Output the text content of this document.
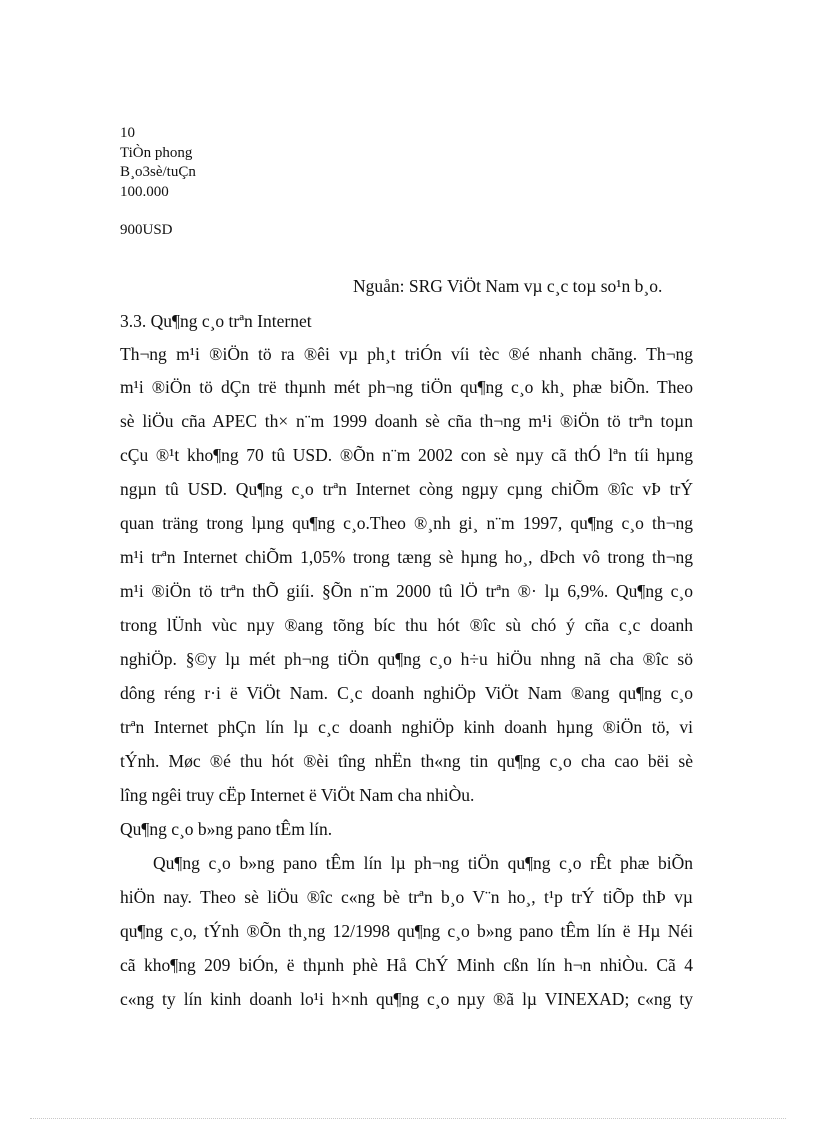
10
TiÒn phong
B¸o3sè/tuÇn
100.000
900USD
Nguån: SRG ViÖt Nam vµ c¸c toµ so¹n b¸o.
3.3. Qu¶ng c¸o trªn Internet
Th¬ng m¹i ®iÖn tö ra ®êi vµ ph¸t triÓn víi tèc ®é nhanh chãng. Th¬ng
m¹i ®iÖn tö dÇn trë thµnh mét ph¬ng tiÖn qu¶ng c¸o kh¸ phæ biÕn. Theo
sè liÖu cña APEC th× n¨m 1999 doanh sè cña th¬ng m¹i ®iÖn tö trªn toµn
cÇu ®¹t kho¶ng 70 tû USD. ®Õn n¨m 2002 con sè nµy cã thÓ lªn tíi hµng
ngµn tû USD. Qu¶ng c¸o trªn Internet còng ngµy cµng chiÕm ®îc vÞ trÝ
quan träng trong lµng qu¶ng c¸o.Theo ®¸nh gi¸ n¨m 1997, qu¶ng c¸o th¬ng
m¹i trªn Internet chiÕm 1,05% trong tæng sè hµng ho¸, dÞch vô trong th¬ng
m¹i ®iÖn tö trªn thÕ giíi. §Õn n¨m 2000 tû lÖ trªn ®· lµ 6,9%. Qu¶ng c¸o
trong lÜnh vùc nµy ®ang tõng bíc thu hót ®îc sù chó ý cña c¸c doanh
nghiÖp. §©y lµ mét ph¬ng tiÖn qu¶ng c¸o h÷u hiÖu nhng nã cha ®îc sö
dông réng r·i ë ViÖt Nam. C¸c doanh nghiÖp ViÖt Nam ®ang qu¶ng c¸o
trªn Internet phÇn lín lµ c¸c doanh nghiÖp kinh doanh hµng ®iÖn tö, vi
tÝnh. Møc ®é thu hót ®èi tîng nhËn th«ng tin qu¶ng c¸o cha cao bëi sè
lîng ngêi truy cËp Internet ë ViÖt Nam cha nhiÒu.
Qu¶ng c¸o b»ng pano tÊm lín.
Qu¶ng c¸o b»ng pano tÊm lín lµ ph¬ng tiÖn qu¶ng c¸o rÊt phæ biÕn
hiÖn nay. Theo sè liÖu ®îc c«ng bè trªn b¸o V¨n ho¸, t¹p trÝ tiÕp thÞ vµ
qu¶ng c¸o, tÝnh ®Õn th¸ng 12/1998 qu¶ng c¸o b»ng pano tÊm lín ë Hµ Néi
cã kho¶ng 209 biÓn, ë thµnh phè Hå ChÝ Minh cßn lín h¬n nhiÒu. Cã 4
c«ng ty lín kinh doanh lo¹i h×nh qu¶ng c¸o nµy ®ã lµ VINEXAD; c«ng ty
